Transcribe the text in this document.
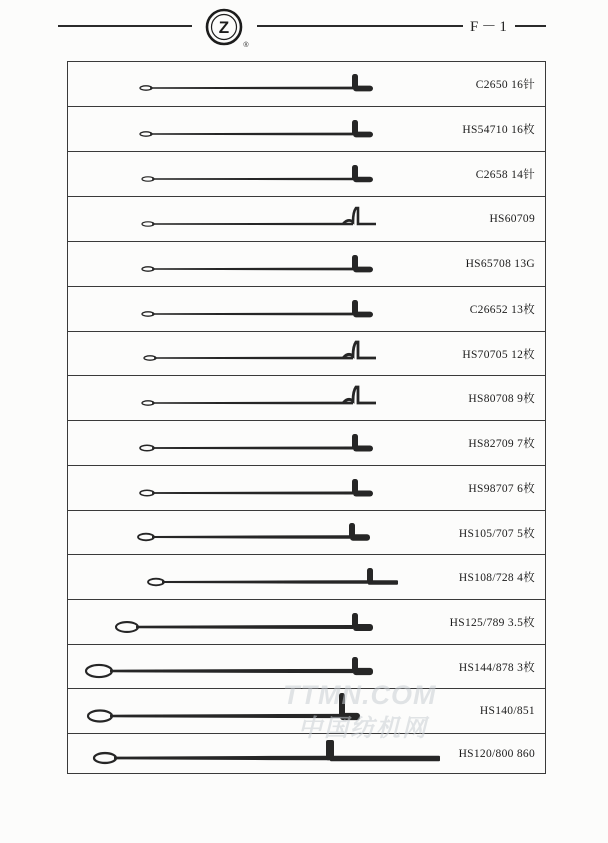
Z
®
F－1
C2650 16针
HS54710 16枚
C2658 14针
HS60709
HS65708 13G
C26652 13枚
HS70705 12枚
HS80708 9枚
HS82709 7枚
HS98707 6枚
HS105/707 5枚
HS108/728 4枚
HS125/789 3.5枚
HS144/878 3枚
HS140/851
HS120/800 860
TTMN.COM
中国纺机网
